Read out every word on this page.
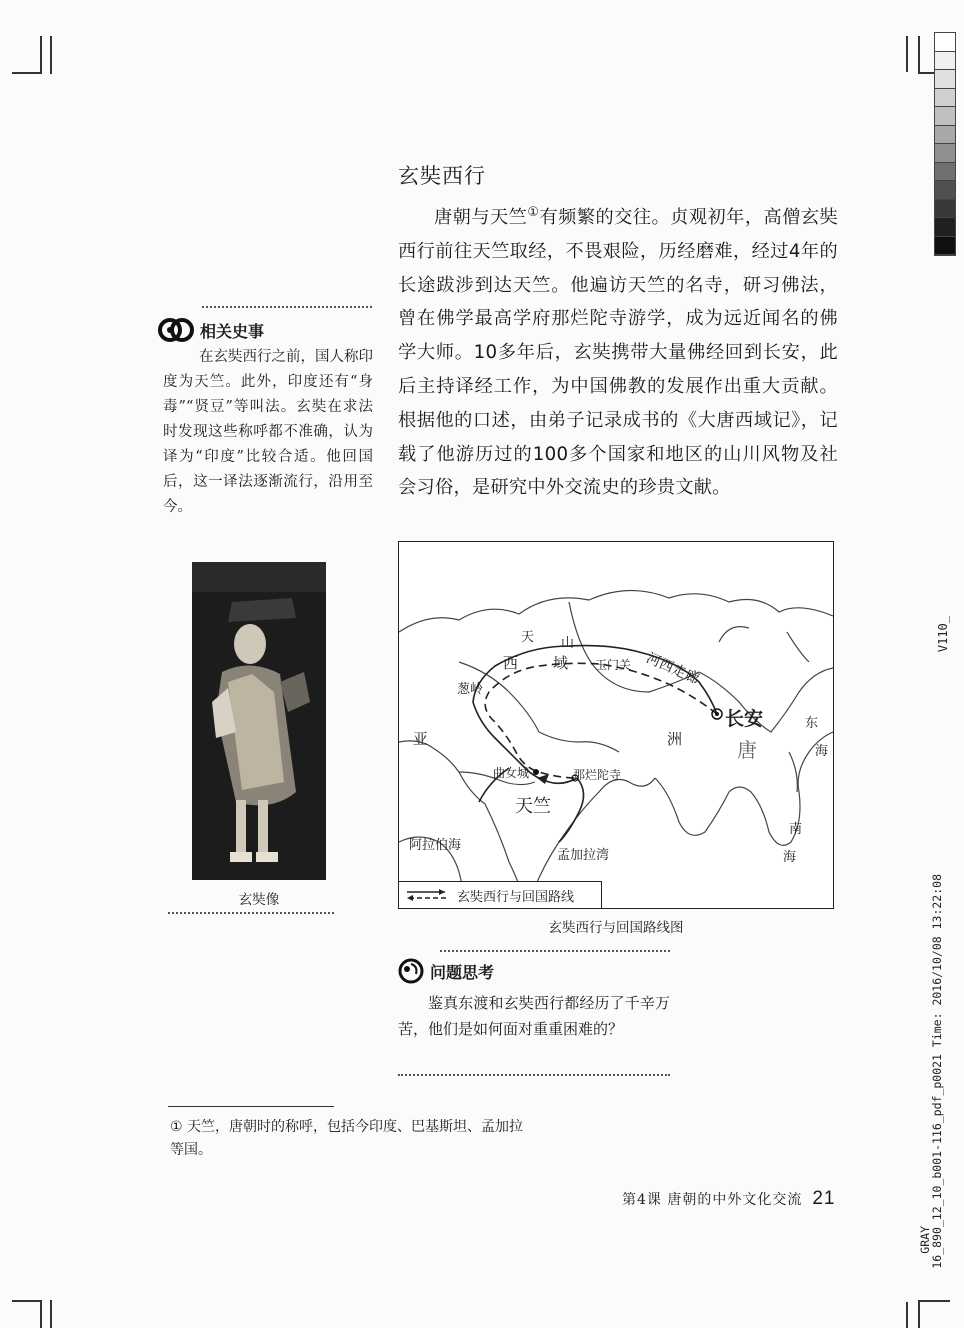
V110_
16_890_12_10_b001-116_pdf_p0021 Time: 2016/10/08 13:22:08
GRAY
玄奘西行
唐朝与天竺①有频繁的交往。贞观初年，高僧玄奘西行前往天竺取经，不畏艰险，历经磨难，经过4年的长途跋涉到达天竺。他遍访天竺的名寺，研习佛法，曾在佛学最高学府那烂陀寺游学，成为远近闻名的佛学大师。10多年后，玄奘携带大量佛经回到长安，此后主持译经工作，为中国佛教的发展作出重大贡献。根据他的口述，由弟子记录成书的《大唐西域记》，记载了他游历过的100多个国家和地区的山川风物及社会习俗，是研究中外交流史的珍贵文献。
相关史事
在玄奘西行之前，国人称印度为天竺。此外，印度还有“身毒”“贤豆”等叫法。玄奘在求法时发现这些称呼都不准确，认为译为“印度”比较合适。他回国后，这一译法逐渐流行，沿用至今。
玄奘像
天 山
西 域 玉门关 河西走廊
葱岭
长安
唐
亚	洲
东
海
南
海
曲女城	那烂陀寺
天竺
阿拉伯海
孟加拉湾
玄奘西行与回国路线
玄奘西行与回国路线图
问题思考
鉴真东渡和玄奘西行都经历了千辛万苦，他们是如何面对重重困难的？
① 天竺，唐朝时的称呼，包括今印度、巴基斯坦、孟加拉等国。
第4课 唐朝的中外文化交流 21
